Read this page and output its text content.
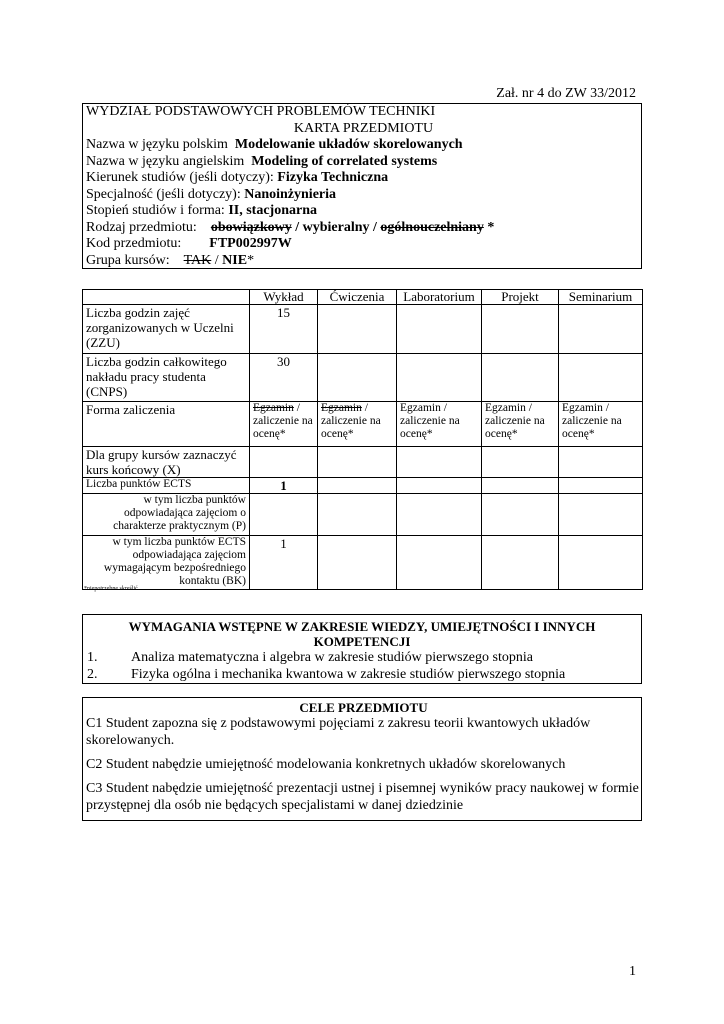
Zał. nr 4 do ZW 33/2012
WYDZIAŁ PODSTAWOWYCH PROBLEMÓW TECHNIKI
KARTA PRZEDMIOTU
Nazwa w języku polskim Modelowanie układów skorelowanych
Nazwa w języku angielskim Modeling of correlated systems
Kierunek studiów (jeśli dotyczy): Fizyka Techniczna
Specjalność (jeśli dotyczy): Nanoinżynieria
Stopień studiów i forma: II, stacjonarna
Rodzaj przedmiotu: obowiązkowy / wybieralny / ogólnouczelniany *
Kod przedmiotu: FTP002997W
Grupa kursów: TAK / NIE*
	Wykład	Ćwiczenia	Laboratorium	Projekt	Seminarium
Liczba godzin zajęć zorganizowanych w Uczelni (ZZU)	15				
Liczba godzin całkowitego nakładu pracy studenta (CNPS)	30				
Forma zaliczenia	Egzamin / zaliczenie na ocenę*	Egzamin / zaliczenie na ocenę*	Egzamin / zaliczenie na ocenę*	Egzamin / zaliczenie na ocenę*	Egzamin / zaliczenie na ocenę*
Dla grupy kursów zaznaczyć kurs końcowy (X)					
Liczba punktów ECTS	1				
w tym liczba punktów odpowiadająca zajęciom o charakterze praktycznym (P)					
w tym liczba punktów ECTS odpowiadająca zajęciom wymagającym bezpośredniego kontaktu (BK)	1				
*niepotrzebne skreślić
WYMAGANIA WSTĘPNE W ZAKRESIE WIEDZY, UMIEJĘTNOŚCI I INNYCH KOMPETENCJI
1.	Analiza matematyczna i algebra w zakresie studiów pierwszego stopnia
2.	Fizyka ogólna i mechanika kwantowa w zakresie studiów pierwszego stopnia
CELE PRZEDMIOTU

C1 Student zapozna się z podstawowymi pojęciami z zakresu teorii kwantowych układów skorelowanych.

C2 Student nabędzie umiejętność modelowania konkretnych układów skorelowanych

C3 Student nabędzie umiejętność prezentacji ustnej i pisemnej wyników pracy naukowej w formie przystępnej dla osób nie będących specjalistami w danej dziedzinie

1
